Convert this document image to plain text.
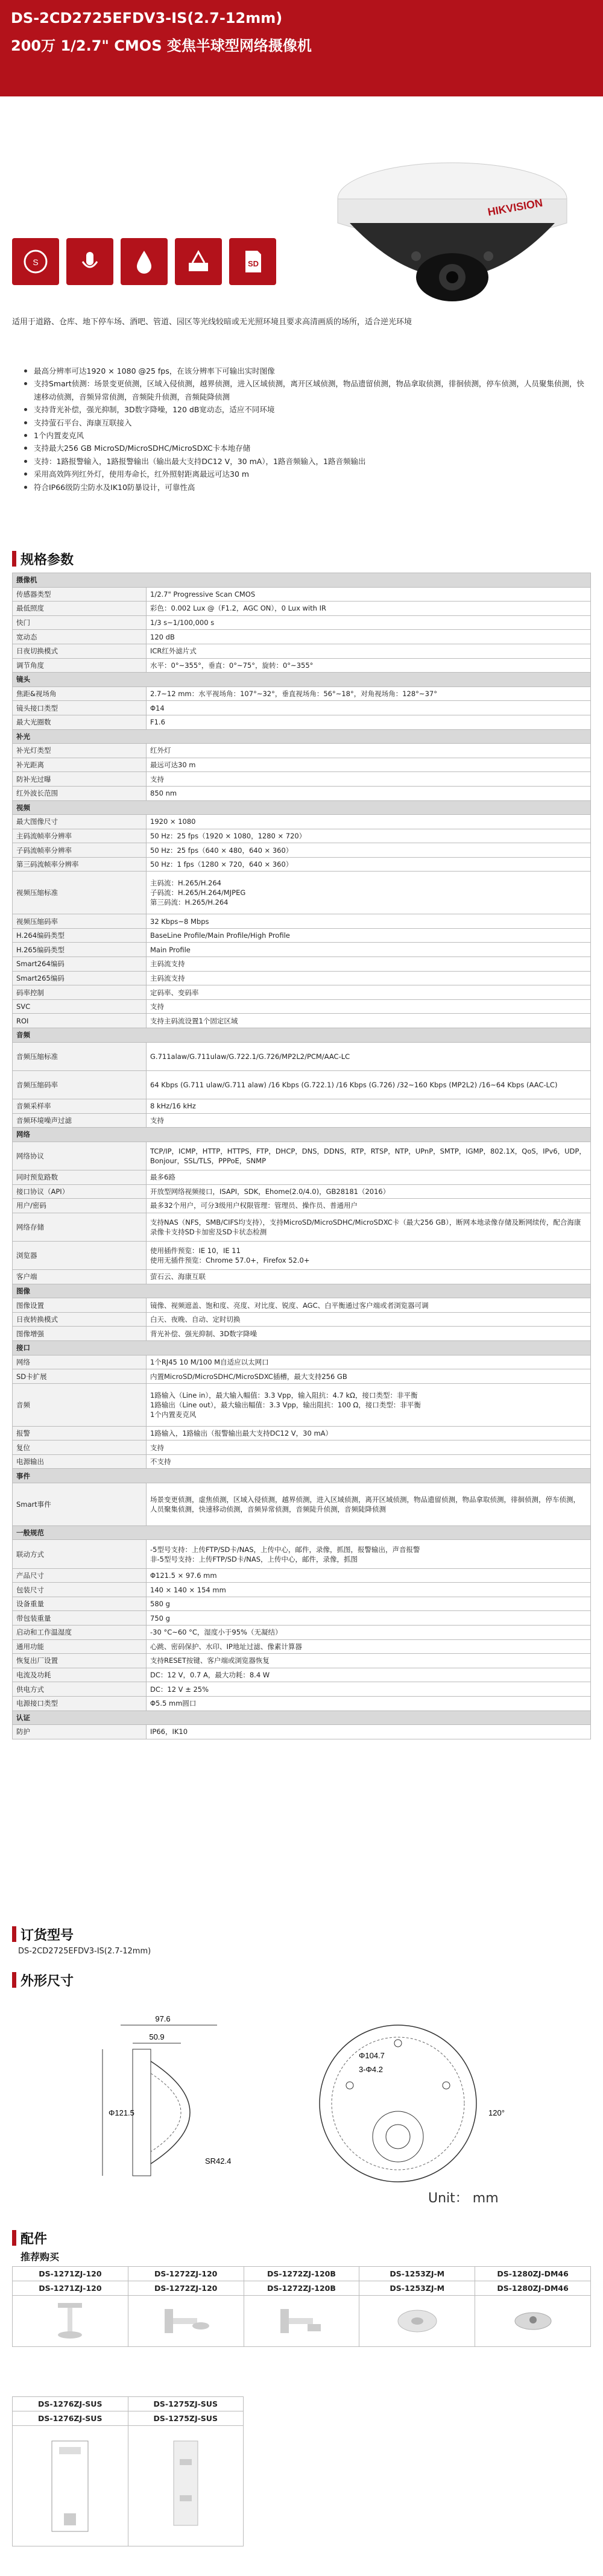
DS-2CD2725EFDV3-IS(2.7-12mm)
200万 1/2.7" CMOS 变焦半球型网络摄像机
HIKVISION
S	SD
适用于道路、仓库、地下停车场、酒吧、管道、园区等光线较暗或无光照环境且要求高清画质的场所，适合逆光环境
最高分辨率可达1920 × 1080 @25 fps，在该分辨率下可输出实时图像
支持Smart侦测：场景变更侦测，区域入侵侦测，越界侦测，进入区域侦测，离开区域侦测，物品遗留侦测，物品拿取侦测，徘徊侦测，停车侦测，人员聚集侦测，快速移动侦测，音频异常侦测，音频陡升侦测，音频陡降侦测
支持背光补偿，强光抑制，3D数字降噪，120 dB宽动态，适应不同环境
支持萤石平台、海康互联接入
1个内置麦克风
支持最大256 GB MicroSD/MicroSDHC/MicroSDXC卡本地存储
支持：1路报警输入，1路报警输出（输出最大支持DC12 V，30 mA），1路音频输入，1路音频输出
采用高效阵列红外灯，使用寿命长，红外照射距离最远可达30 m
符合IP66级防尘防水及IK10防暴设计，可靠性高
规格参数
摄像机	
传感器类型	1/2.7" Progressive Scan CMOS
最低照度	彩色：0.002 Lux @（F1.2，AGC ON），0 Lux with IR
快门	1/3 s~1/100,000 s
宽动态	120 dB
日夜切换模式	ICR红外滤片式
调节角度	水平：0°~355°，垂直：0°~75°，旋转：0°~355°
镜头	
焦距&视场角	2.7~12 mm：水平视场角：107°~32°，垂直视场角：56°~18°，对角视场角：128°~37°
镜头接口类型	Φ14
最大光圈数	F1.6
补光	
补光灯类型	红外灯
补光距离	最远可达30 m
防补光过曝	支持
红外波长范围	850 nm
视频	
最大图像尺寸	1920 × 1080
主码流帧率分辨率	50 Hz：25 fps（1920 × 1080，1280 × 720）
子码流帧率分辨率	50 Hz：25 fps（640 × 480，640 × 360）
第三码流帧率分辨率	50 Hz：1 fps（1280 × 720，640 × 360）
视频压缩标准	主码流：H.265/H.264
子码流：H.265/H.264/MJPEG
第三码流：H.265/H.264
视频压缩码率	32 Kbps~8 Mbps
H.264编码类型	BaseLine Profile/Main Profile/High Profile
H.265编码类型	Main Profile
Smart264编码	主码流支持
Smart265编码	主码流支持
码率控制	定码率、变码率
SVC	支持
ROI	支持主码流设置1个固定区域
音频	
音频压缩标准	G.711alaw/G.711ulaw/G.722.1/G.726/MP2L2/PCM/AAC-LC
音频压缩码率	64 Kbps (G.711 ulaw/G.711 alaw) /16 Kbps (G.722.1) /16 Kbps (G.726) /32~160 Kbps (MP2L2) /16~64 Kbps (AAC-LC)
音频采样率	8 kHz/16 kHz
音频环境噪声过滤	支持
网络	
网络协议	TCP/IP，ICMP，HTTP，HTTPS，FTP，DHCP，DNS，DDNS，RTP，RTSP，NTP，UPnP，SMTP，IGMP，802.1X，QoS，IPv6，UDP，Bonjour，SSL/TLS，PPPoE，SNMP
同时预览路数	最多6路
接口协议（API）	开放型网络视频接口，ISAPI，SDK，Ehome(2.0/4.0)，GB28181（2016）
用户/密码	最多32个用户，可分3级用户权限管理：管理员、操作员、普通用户
网络存储	支持NAS（NFS，SMB/CIFS均支持），支持MicroSD/MicroSDHC/MicroSDXC卡（最大256 GB），断网本地录像存储及断网续传，配合海康录像卡支持SD卡加密及SD卡状态检测
浏览器	使用插件预览：IE 10，IE 11
使用无插件预览：Chrome 57.0+，Firefox 52.0+
客户端	萤石云、海康互联
图像	
图像设置	镜像、视频遮盖、饱和度、亮度、对比度、锐度、AGC、白平衡通过客户端或者浏览器可调
日夜转换模式	白天、夜晚、自动、定时切换
图像增强	背光补偿、强光抑制、3D数字降噪
接口	
网络	1个RJ45 10 M/100 M自适应以太网口
SD卡扩展	内置MicroSD/MicroSDHC/MicroSDXC插槽，最大支持256 GB
音频	1路输入（Line in），最大输入幅值：3.3 Vpp，输入阻抗：4.7 kΩ，接口类型：非平衡
1路输出（Line out），最大输出幅值：3.3 Vpp，输出阻抗：100 Ω，接口类型：非平衡
1个内置麦克风
报警	1路输入，1路输出（报警输出最大支持DC12 V，30 mA）
复位	支持
电源输出	不支持
事件	
Smart事件	场景变更侦测，虚焦侦测，区域入侵侦测，越界侦测，进入区域侦测，离开区域侦测，物品遗留侦测，物品拿取侦测，徘徊侦测，停车侦测，人员聚集侦测，快速移动侦测，音频异常侦测，音频陡升侦测，音频陡降侦测
一般规范	
联动方式	-5型号支持：上传FTP/SD卡/NAS，上传中心，邮件，录像，抓图，报警输出，声音报警
非-5型号支持：上传FTP/SD卡/NAS，上传中心，邮件，录像，抓图
产品尺寸	Φ121.5 × 97.6 mm
包装尺寸	140 × 140 × 154 mm
设备重量	580 g
带包装重量	750 g
启动和工作温湿度	-30 °C~60 °C，湿度小于95%（无凝结）
通用功能	心跳、密码保护、水印、IP地址过滤、像素计算器
恢复出厂设置	支持RESET按键、客户端或浏览器恢复
电流及功耗	DC：12 V，0.7 A，最大功耗：8.4 W
供电方式	DC：12 V ± 25%
电源接口类型	Φ5.5 mm圆口
认证	
防护	IP66，IK10
订货型号
DS-2CD2725EFDV3-IS(2.7-12mm)
外形尺寸
97.6
50.9
Φ121.5
SR42.4
Φ104.7
3-Φ4.2
120°
Unit： mm
配件
推荐购买
DS-1271ZJ-120	DS-1272ZJ-120	DS-1272ZJ-120B	DS-1253ZJ-M	DS-1280ZJ-DM46
DS-1271ZJ-120	DS-1272ZJ-120	DS-1272ZJ-120B	DS-1253ZJ-M	DS-1280ZJ-DM46

DS-1276ZJ-SUS	DS-1275ZJ-SUS
DS-1276ZJ-SUS	DS-1275ZJ-SUS
